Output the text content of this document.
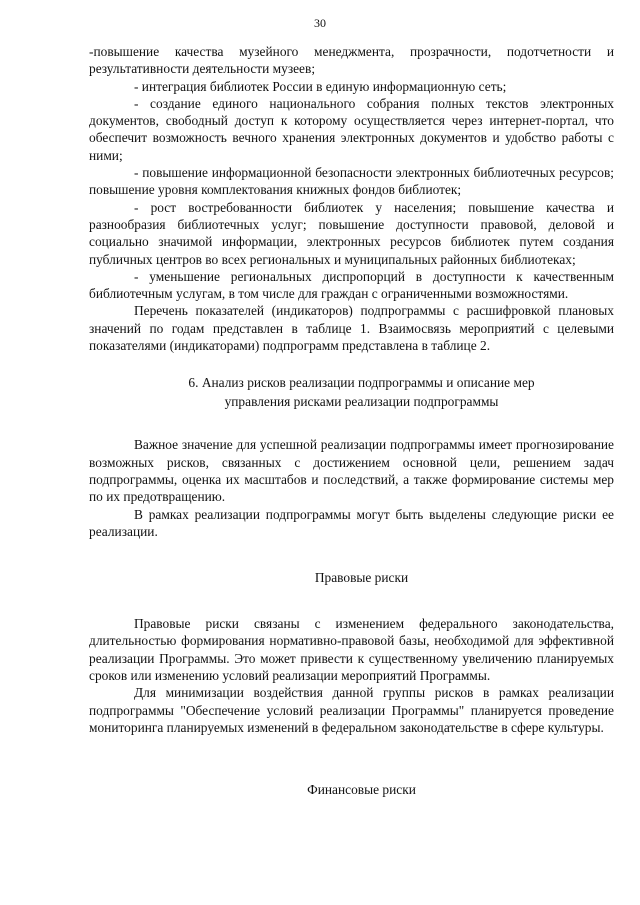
30

-повышение качества музейного менеджмента, прозрачности, подотчетности и результативности деятельности музеев;

- интеграция библиотек России в единую информационную сеть;

- создание единого национального собрания полных текстов электронных документов, свободный доступ к которому осуществляется через интернет-портал, что обеспечит возможность вечного хранения электронных документов и удобство работы с ними;

- повышение информационной безопасности электронных библиотечных ресурсов; повышение уровня комплектования книжных фондов библиотек;

- рост востребованности библиотек у населения; повышение качества и разнообразия библиотечных услуг; повышение доступности правовой, деловой и социально значимой информации, электронных ресурсов библиотек путем создания публичных центров во всех региональных и муниципальных районных библиотеках;

- уменьшение региональных диспропорций в доступности к качественным библиотечным услугам, в том числе для граждан с ограниченными возможностями.

Перечень показателей (индикаторов) подпрограммы с расшифровкой плановых значений по годам представлен в таблице 1. Взаимосвязь мероприятий с целевыми показателями (индикаторами) подпрограмм представлена в таблице 2.

6. Анализ рисков реализации подпрограммы и описание мер

управления рисками реализации подпрограммы

Важное значение для успешной реализации подпрограммы имеет прогнозирование возможных рисков, связанных с достижением основной цели, решением задач подпрограммы, оценка их масштабов и последствий, а также формирование системы мер по их предотвращению.

В рамках реализации подпрограммы могут быть выделены следующие риски ее реализации.

Правовые риски

Правовые риски связаны с изменением федерального законодательства, длительностью формирования нормативно-правовой базы, необходимой для эффективной реализации Программы. Это может привести к существенному увеличению планируемых сроков или изменению условий реализации мероприятий Программы.

Для минимизации воздействия данной группы рисков в рамках реализации подпрограммы "Обеспечение условий реализации Программы" планируется проведение мониторинга планируемых изменений в федеральном законодательстве в сфере культуры.

Финансовые риски
